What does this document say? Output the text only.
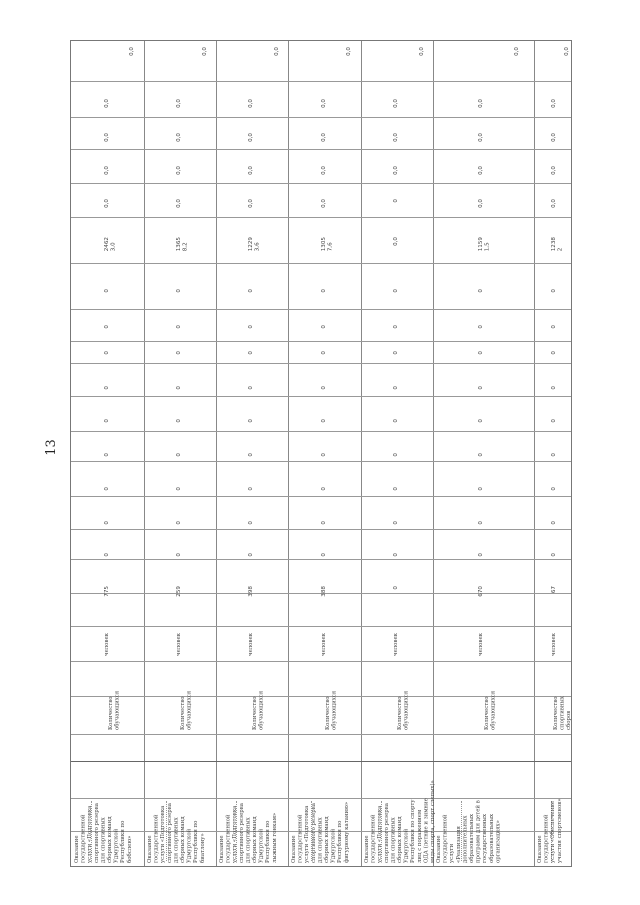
13
Оказание
государственной
услуги «Подготовка
спортивного резерва
для спортивных
сборных команд
Удмуртской
Республики по
бобслею»
Количество
обучающихся
человек
775
0
0
0
0
0
0
0
0
0
2462
3,0
0,0
0,0
0,0
0,0
0,0
Оказание
государственной
услуги «Подготовка
спортивного резерва
для спортивных
сборных команд
Удмуртской
Республики по
биатлону»
Количество
обучающихся
человек
259
0
0
0
0
0
0
0
0
0
1365
8,2
0,0
0,0
0,0
0,0
0,0
Оказание
государственной
услуги «Подготовка
спортивного резерва
для спортивных
сборных команд
Удмуртской
Республики по
лыжным гонкам»
Количество
обучающихся
человек
398
0
0
0
0
0
0
0
0
0
1229
3,6
0,0
0,0
0,0
0,0
0,0
Оказание
государственной
услуги «Подготовка
спортивного резерва
для спортивных
сборных команд
Удмуртской
Республики по
фигурному катанию»
Количество
обучающихся
человек
388
0
0
0
0
0
0
0
0
0
1305
7,6
0,0
0,0
0,0
0,0
0,0
Оказание
государственной
услуги «Подготовка
спортивного резерва
для спортивных
сборных команд
Удмуртской
Республики по спорту
лиц с поражением
ОДА (летние и зимние
виды спорта, спорт слепых)»
Количество
обучающихся
человек
0
0
0
0
0
0
0
0
0
0
0,0
0
0,0
0,0
0,0
0,0
Оказание
государственной
услуги
«Реализация
дополнительных
образовательных
программ для детей в
государственных
образовательных
организациях»
Количество
обучающихся
человек
670
0
0
0
0
0
0
0
0
0
1159
1,5
0,0
0,0
0,0
0,0
0,0
Оказание
государственной
услуги «Обеспечение
участия спортсменов»
Количество
спортивных
сборов
человек
67
0
0
0
0
0
0
0
0
0
1238
2
0,0
0,0
0,0
0,0
0,0
